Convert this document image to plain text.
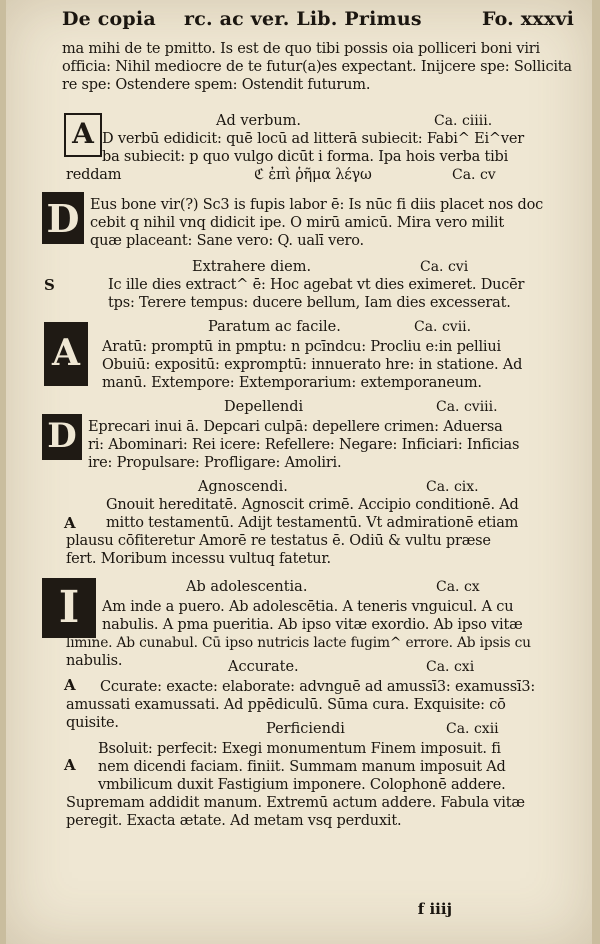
De copia rc. ac ver. Lib. Primus	Fo. xxxvi
ma mihi de te pmitto. Is est de quo tibi possis oia polliceri boni viri
officia: Nihil mediocre de te futur(a)es expectant. Inijcere spe: Sollicita
re spe: Ostendere spem: Ostendit futurum.
A	Ad verbum.	Ca. ciiii.
D verbū edidicit: quē locū ad litterā subiecit: Fabi^ Ei^ver
ba subiecit: p quo vulgo dicūt i forma. Ipa hois verba tibi
reddam	ℭ ἐπὶ ῥῆμα λέγω	Ca. cv
D Eus bone vir(?) Sc3 is fupis labor ē: Is nūc fi diis placet nos doc
cebit q nihil vnq didicit ipe. O mirū amicū. Mira vero milit
quæ placeant: Sane vero: Q. ualī vero.
Extrahere diem.	Ca. cvi
S	Ic ille dies extract^ ē: Hoc agebat vt dies eximeret. Ducēr
tps: Terere tempus: ducere bellum, Iam dies excesserat.
A
Paratum ac facile.	Ca. cvii.
Aratū: promptū in pmptu: n pcīndcu: Procliu e:in pelliui
Obuiū: expositū: expromptū: innuerato hre: in statione. Ad
manū. Extempore: Extemporarium: extemporaneum.
D
Depellendi	Ca. cviii.
Eprecari inui ā. Depcari culpā: depellere crimen: Aduersa
ri: Abominari: Rei icere: Refellere: Negare: Inficiari: Inficias
ire: Propulsare: Profligare: Amoliri.
Agnoscendi.	Ca. cix.
A
Gnouit hereditatē. Agnoscit crimē. Accipio conditionē. Ad
mitto testamentū. Adijt testamentū. Vt admirationē etiam
plausu cōfiteretur Amorē re testatus ē. Odiū & vultu præse
fert. Moribum incessu vultuq fatetur.
I	Ab adolescentia.	Ca. cx
Am inde a puero. Ab adolescētia. A teneris vnguicul. A cu
nabulis. A pma pueritia. Ab ipso vitæ exordio. Ab ipso vitæ
limine. Ab cunabul. Cū ipso nutricis lacte fugim^ errore. Ab ipsis cu
nabulis.	Accurate.	Ca. cxi
A Ccurate: exacte: elaborate: advnguē ad amussī3: examussī3:
amussati examussati. Ad ppēdiculū. Sūma cura. Exquisite: cō
quisite.	Perficiendi	Ca. cxii
A
Bsoluit: perfecit: Exegi monumentum Finem imposuit. fi
nem dicendi faciam. finiit. Summam manum imposuit Ad
vmbilicum duxit Fastigium imponere. Colophonē addere.
Supremam addidit manum. Extremū actum addere. Fabula vitæ
peregit. Exacta ætate. Ad metam vsq perduxit.
f iiij
